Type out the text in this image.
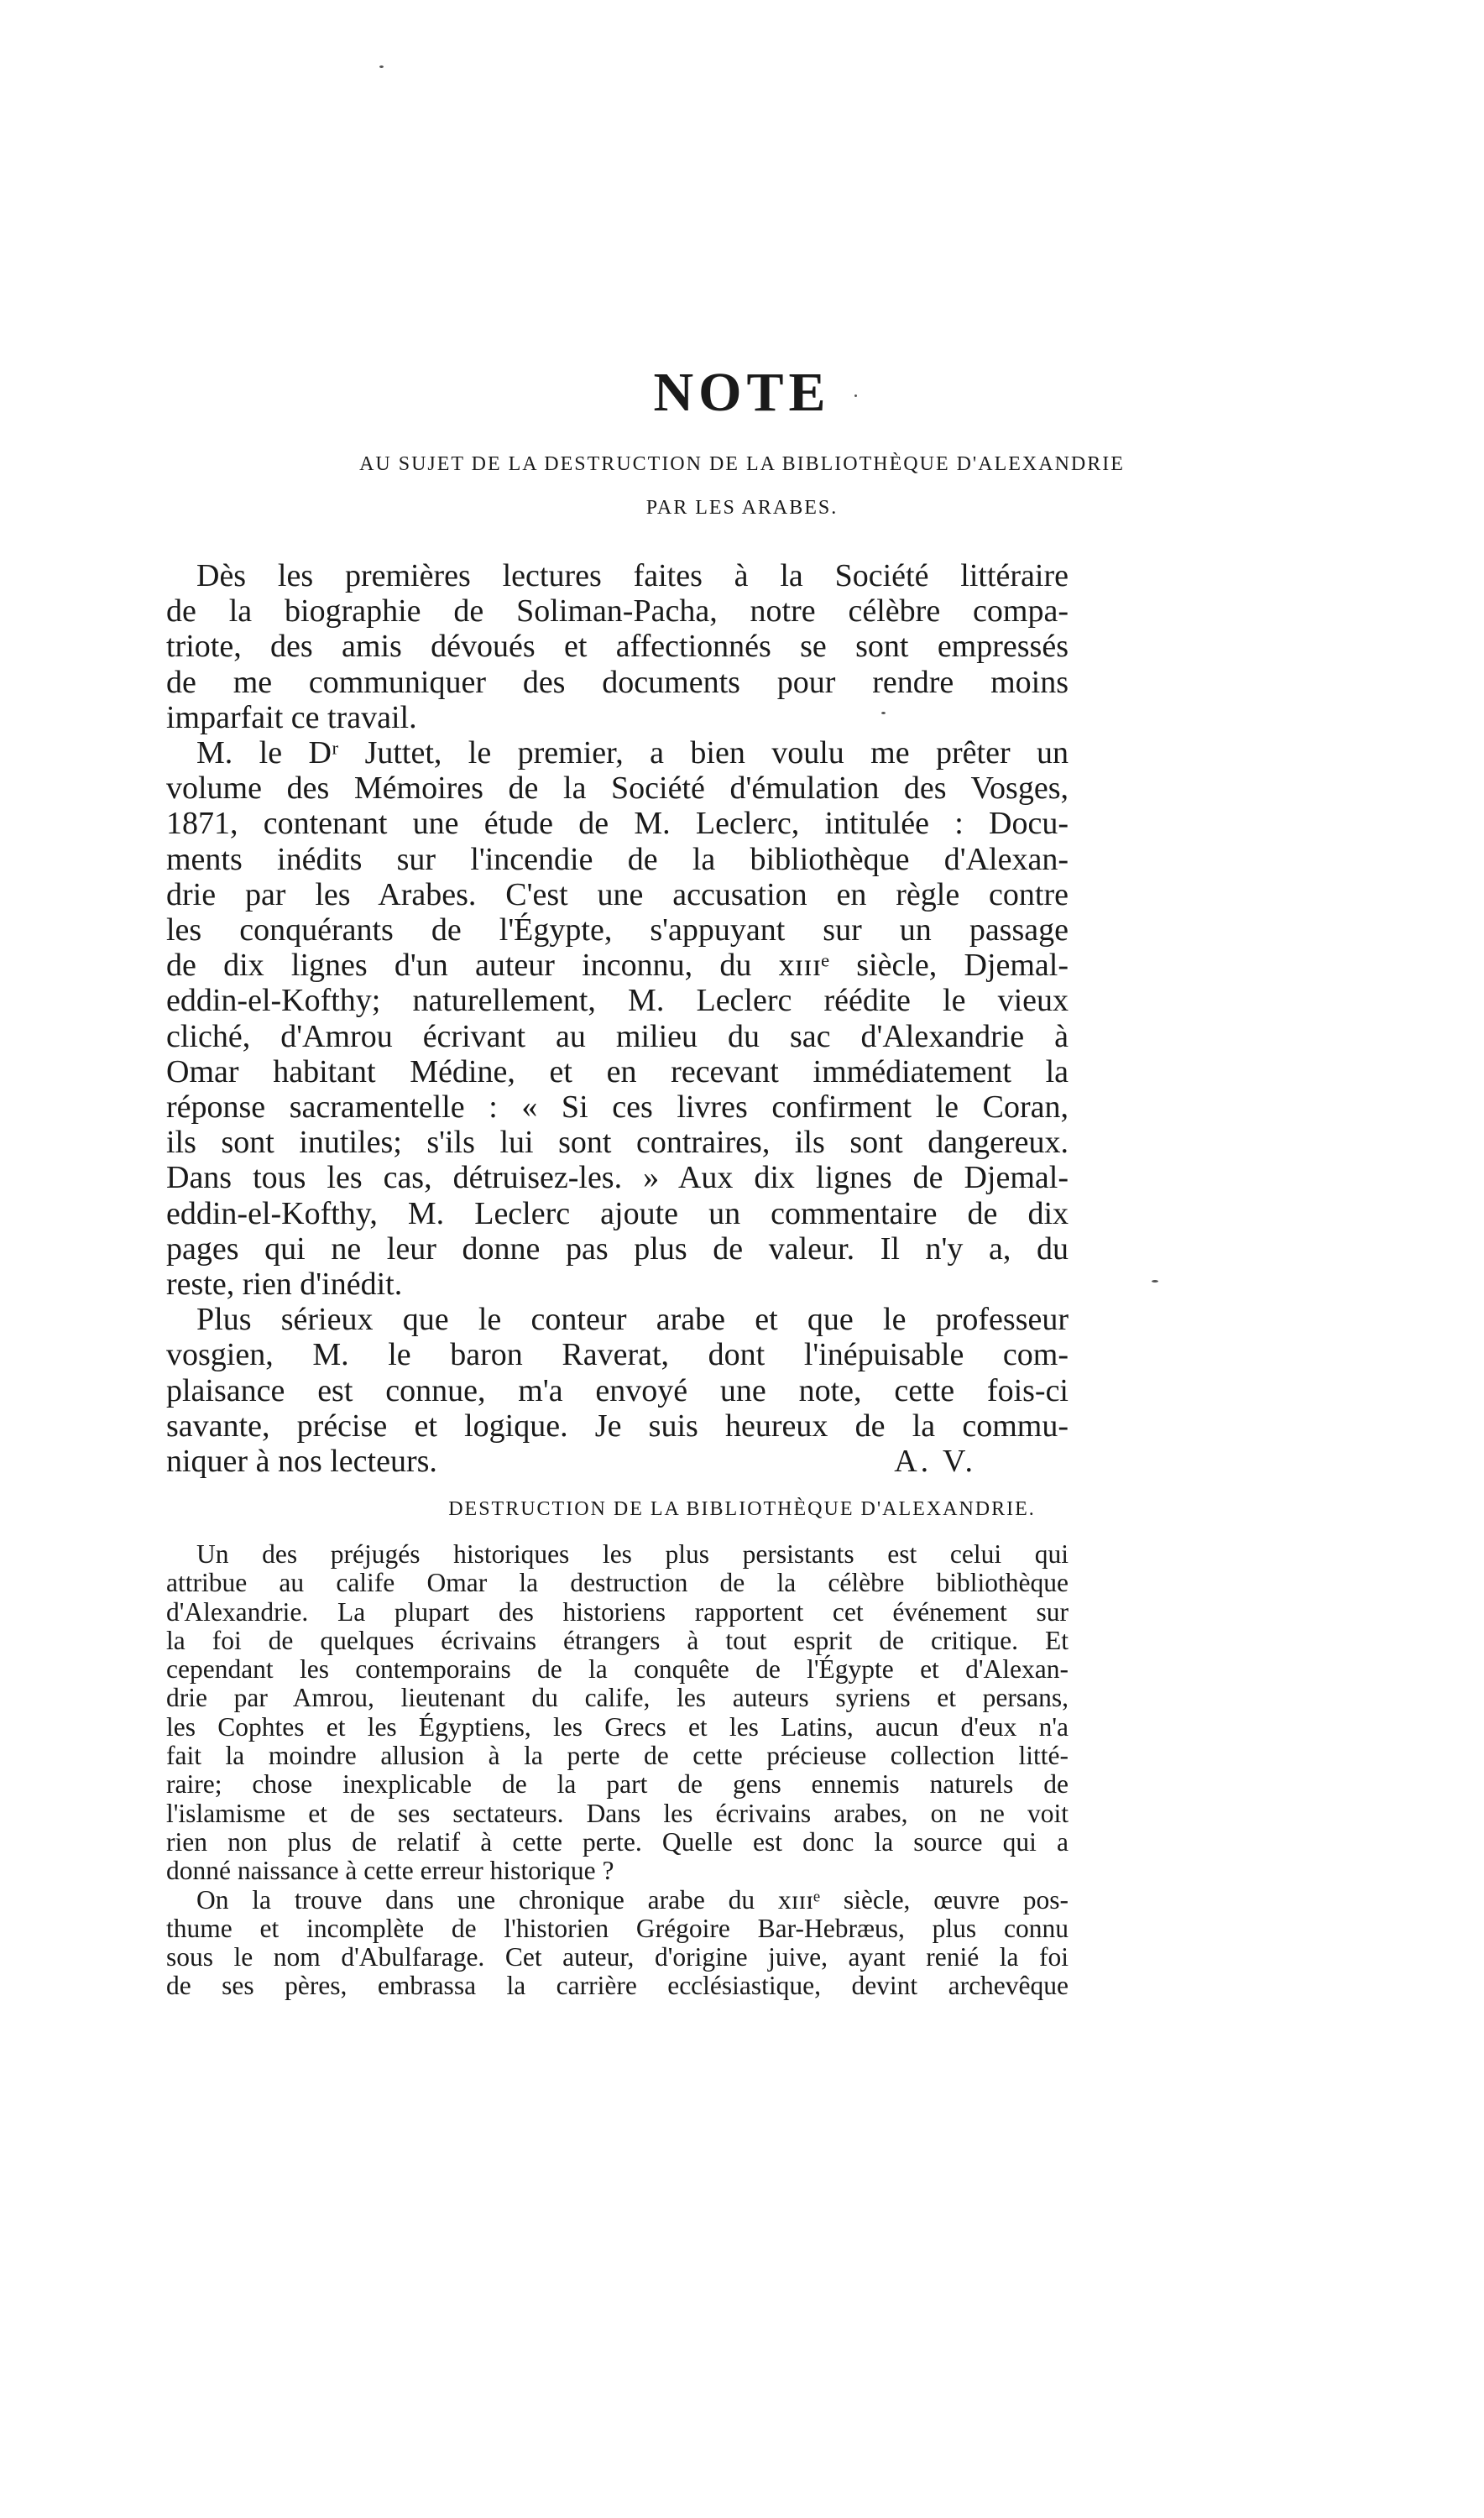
NOTE
AU SUJET DE LA DESTRUCTION DE LA BIBLIOTHÈQUE D'ALEXANDRIE
PAR LES ARABES.

Dès les premières lectures faites à la Société littéraire

de la biographie de Soliman-Pacha, notre célèbre compa-

triote, des amis dévoués et affectionnés se sont empressés

de me communiquer des documents pour rendre moins

imparfait ce travail.

M. le Dʳ Juttet, le premier, a bien voulu me prêter un

volume des Mémoires de la Société d'émulation des Vosges,

1871, contenant une étude de M. Leclerc, intitulée : Docu-

ments inédits sur l'incendie de la bibliothèque d'Alexan-

drie par les Arabes. C'est une accusation en règle contre

les conquérants de l'Égypte, s'appuyant sur un passage

de dix lignes d'un auteur inconnu, du xɪɪɪᵉ siècle, Djemal-

eddin-el-Kofthy; naturellement, M. Leclerc réédite le vieux

cliché, d'Amrou écrivant au milieu du sac d'Alexandrie à

Omar habitant Médine, et en recevant immédiatement la

réponse sacramentelle : « Si ces livres confirment le Coran,

ils sont inutiles; s'ils lui sont contraires, ils sont dangereux.

Dans tous les cas, détruisez-les. » Aux dix lignes de Djemal-

eddin-el-Kofthy, M. Leclerc ajoute un commentaire de dix

pages qui ne leur donne pas plus de valeur. Il n'y a, du

reste, rien d'inédit.

Plus sérieux que le conteur arabe et que le professeur

vosgien, M. le baron Raverat, dont l'inépuisable com-

plaisance est connue, m'a envoyé une note, cette fois-ci

savante, précise et logique. Je suis heureux de la commu-

niquer à nos lecteurs.	A. V.

DESTRUCTION DE LA BIBLIOTHÈQUE D'ALEXANDRIE.

Un des préjugés historiques les plus persistants est celui qui

attribue au calife Omar la destruction de la célèbre bibliothèque

d'Alexandrie. La plupart des historiens rapportent cet événement sur

la foi de quelques écrivains étrangers à tout esprit de critique. Et

cependant les contemporains de la conquête de l'Égypte et d'Alexan-

drie par Amrou, lieutenant du calife, les auteurs syriens et persans,

les Cophtes et les Égyptiens, les Grecs et les Latins, aucun d'eux n'a

fait la moindre allusion à la perte de cette précieuse collection litté-

raire; chose inexplicable de la part de gens ennemis naturels de

l'islamisme et de ses sectateurs. Dans les écrivains arabes, on ne voit

rien non plus de relatif à cette perte. Quelle est donc la source qui a

donné naissance à cette erreur historique ?

On la trouve dans une chronique arabe du xɪɪɪᵉ siècle, œuvre pos-

thume et incomplète de l'historien Grégoire Bar-Hebræus, plus connu

sous le nom d'Abulfarage. Cet auteur, d'origine juive, ayant renié la foi

de ses pères, embrassa la carrière ecclésiastique, devint archevêque
